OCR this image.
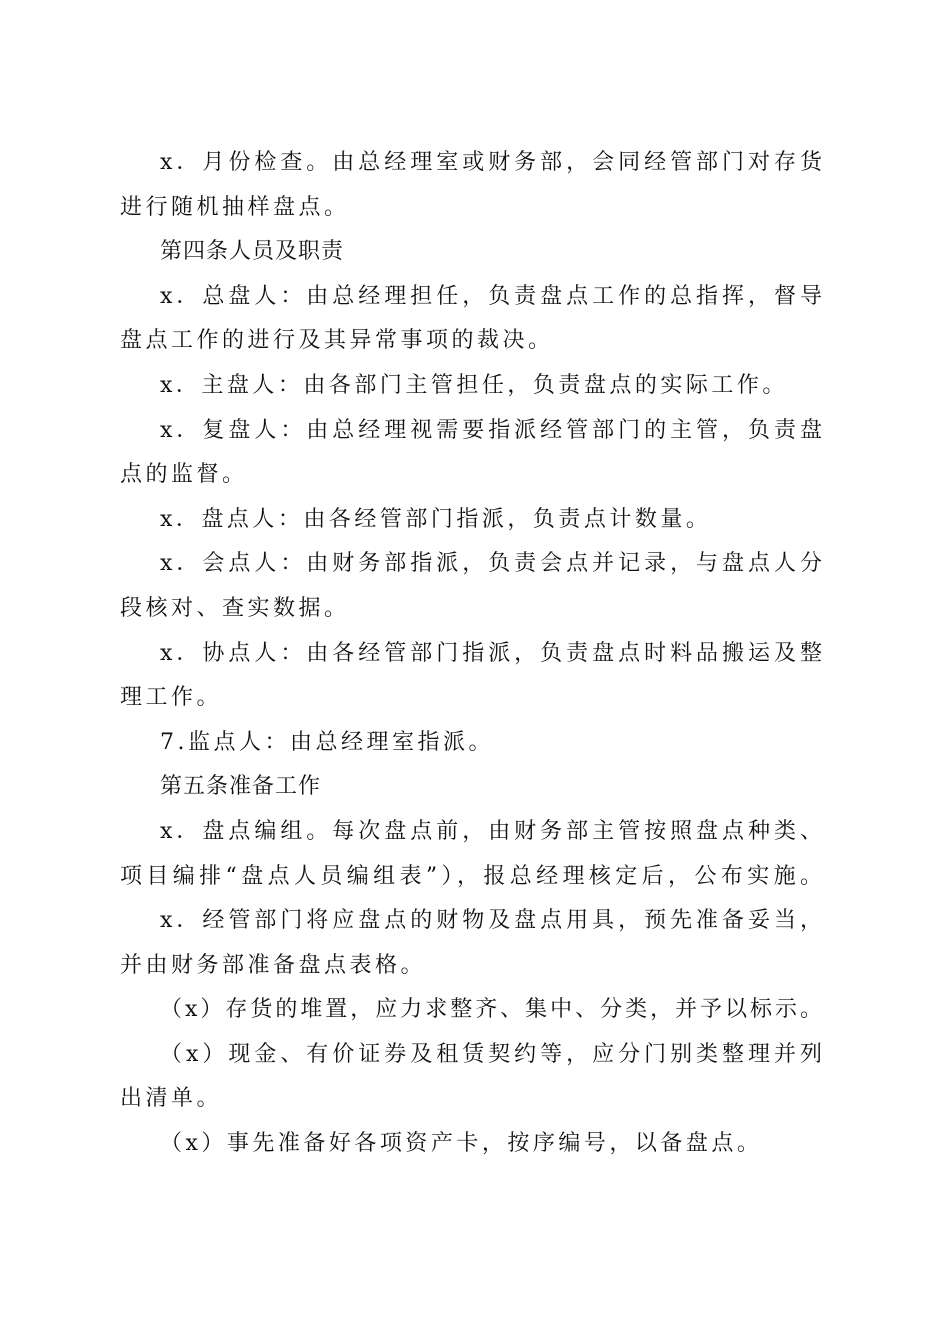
x．月份检查。由总经理室或财务部，会同经管部门对存货
进行随机抽样盘点。
第四条人员及职责
x．总盘人：由总经理担任，负责盘点工作的总指挥，督导
盘点工作的进行及其异常事项的裁决。
x．主盘人：由各部门主管担任，负责盘点的实际工作。
x．复盘人：由总经理视需要指派经管部门的主管，负责盘
点的监督。
x．盘点人：由各经管部门指派，负责点计数量。
x．会点人：由财务部指派，负责会点并记录，与盘点人分
段核对、查实数据。
x．协点人：由各经管部门指派，负责盘点时料品搬运及整
理工作。
7.监点人：由总经理室指派。
第五条准备工作
x．盘点编组。每次盘点前，由财务部主管按照盘点种类、
项目编排“盘点人员编组表”），报总经理核定后，公布实施。
x．经管部门将应盘点的财物及盘点用具，预先准备妥当，
并由财务部准备盘点表格。
（x）存货的堆置，应力求整齐、集中、分类，并予以标示。
（x）现金、有价证券及租赁契约等，应分门别类整理并列
出清单。
（x）事先准备好各项资产卡，按序编号，以备盘点。
